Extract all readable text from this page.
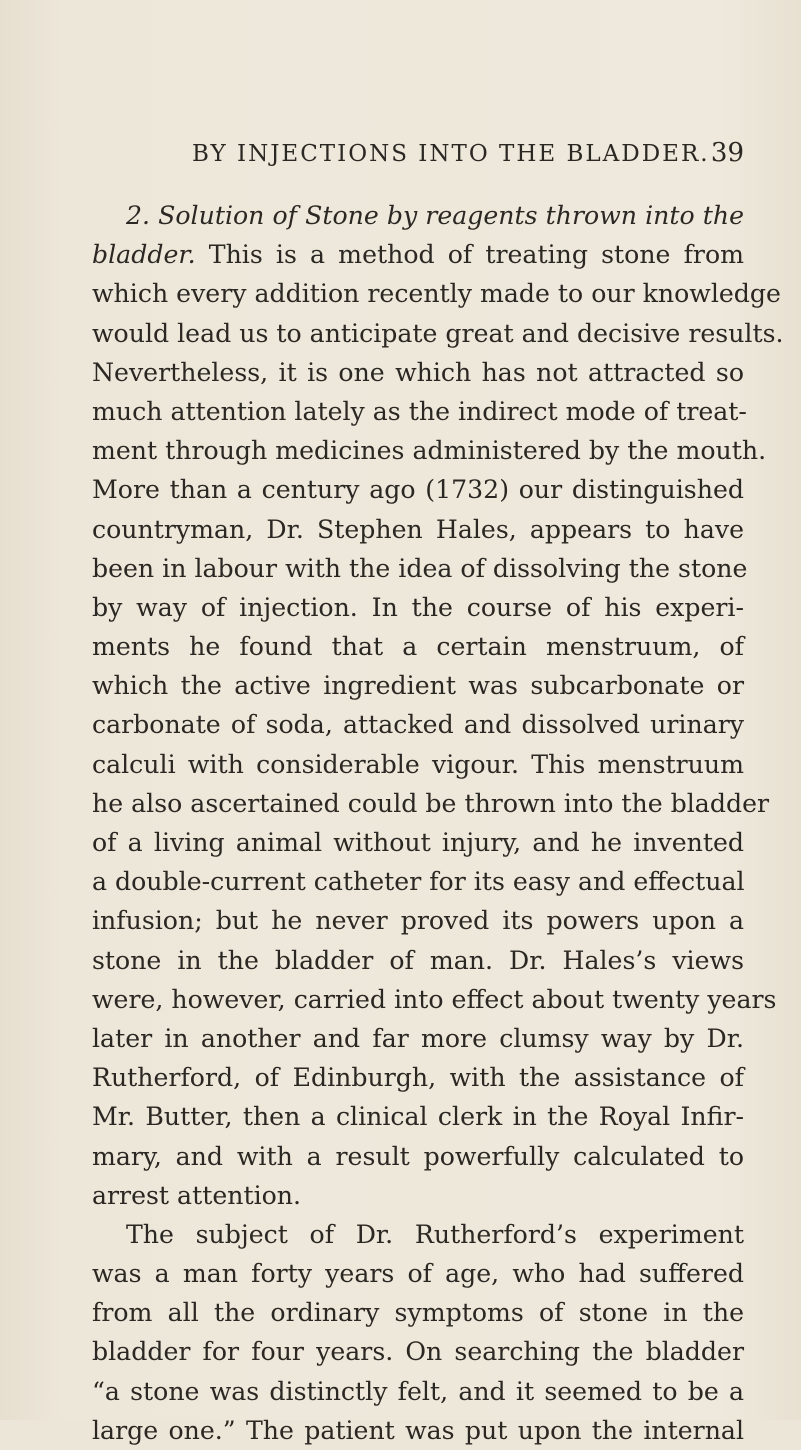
BY INJECTIONS INTO THE BLADDER. 39
2. Solution of Stone by reagents thrown into the
bladder. This is a method of treating stone from
which every addition recently made to our knowledge
would lead us to anticipate great and decisive results.
Nevertheless, it is one which has not attracted so
much attention lately as the indirect mode of treat-
ment through medicines administered by the mouth.
More than a century ago (1732) our distinguished
countryman, Dr. Stephen Hales, appears to have
been in labour with the idea of dissolving the stone
by way of injection. In the course of his experi-
ments he found that a certain menstruum, of
which the active ingredient was subcarbonate or
carbonate of soda, attacked and dissolved urinary
calculi with considerable vigour. This menstruum
he also ascertained could be thrown into the bladder
of a living animal without injury, and he invented
a double-current catheter for its easy and effectual
infusion; but he never proved its powers upon a
stone in the bladder of man. Dr. Hales’s views
were, however, carried into effect about twenty years
later in another and far more clumsy way by Dr.
Rutherford, of Edinburgh, with the assistance of
Mr. Butter, then a clinical clerk in the Royal Infir-
mary, and with a result powerfully calculated to
arrest attention.
The subject of Dr. Rutherford’s experiment
was a man forty years of age, who had suffered
from all the ordinary symptoms of stone in the
bladder for four years. On searching the bladder
“a stone was distinctly felt, and it seemed to be a
large one.” The patient was put upon the internal
